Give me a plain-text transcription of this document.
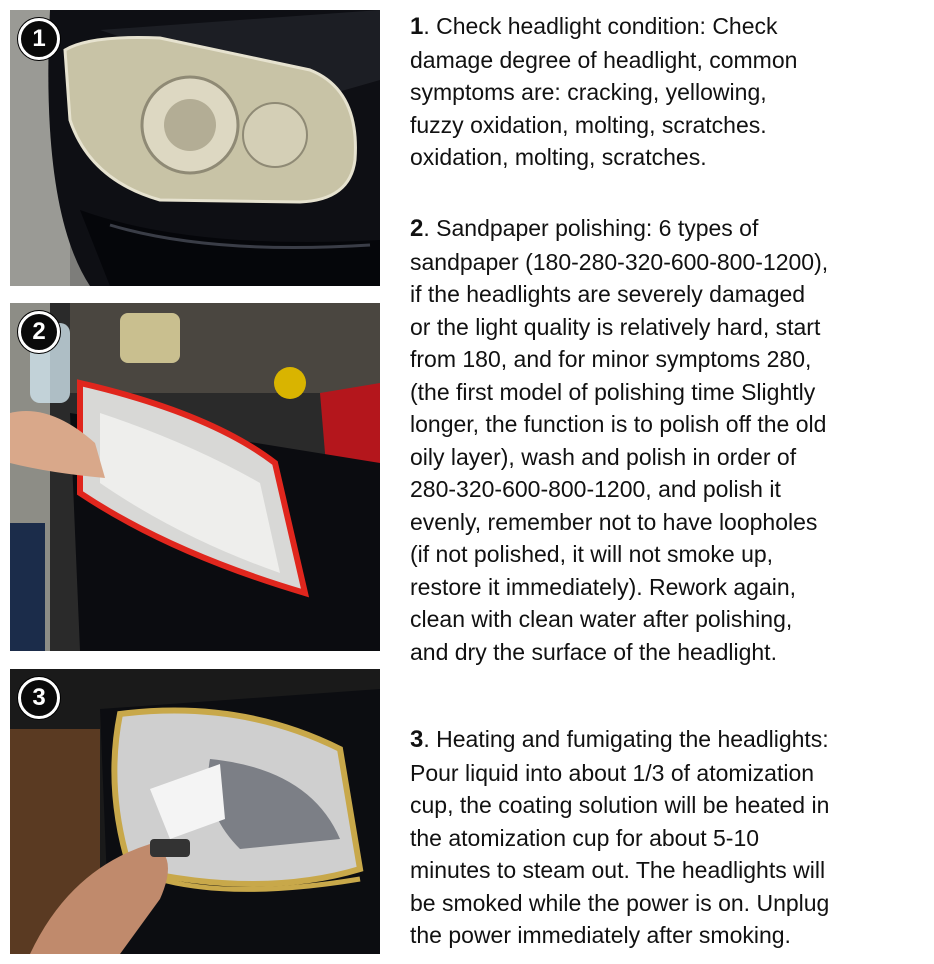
1
2
3
1. Check headlight condition: Check
damage degree of headlight, common
symptoms are: cracking, yellowing,
fuzzy oxidation, molting, scratches.
oxidation, molting, scratches.
2. Sandpaper polishing: 6 types of
sandpaper (180-280-320-600-800-1200),
if the headlights are severely damaged
or the light quality is relatively hard, start
from 180, and for minor symptoms 280,
(the first model of polishing time Slightly
longer, the function is to polish off the old
oily layer), wash and polish in order of
280-320-600-800-1200, and polish it
evenly, remember not to have loopholes
(if not polished, it will not smoke up,
restore it immediately). Rework again,
clean with clean water after polishing,
and dry the surface of the headlight.
3. Heating and fumigating the headlights:
Pour liquid into about 1/3 of atomization
cup, the coating solution will be heated in
the atomization cup for about 5-10
minutes to steam out. The headlights will
be smoked while the power is on. Unplug
the power immediately after smoking.
